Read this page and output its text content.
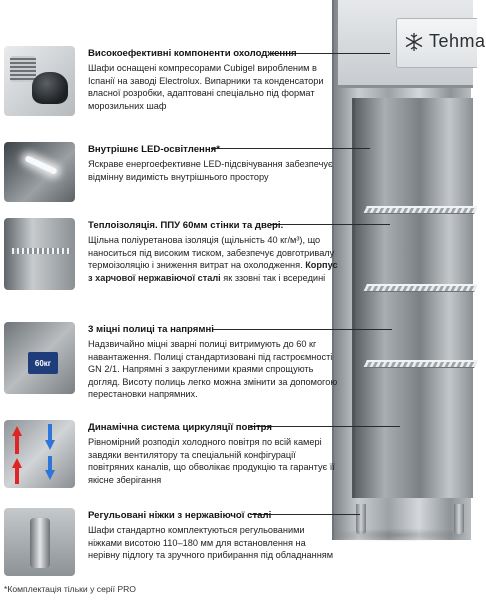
Tehma
Високоефективні компоненти охолодження
Шафи оснащені компресорами Cubigel виробленим в Іспанії на заводі Electrolux. Випарники та конденсатори власної розробки, адаптовані спеціально під формат морозильних шаф
Внутрішнє LED-освітлення*
Яскраве енергоефективне LED-підсвічування забезпечує відмінну видимість внутрішнього простору
Теплоізоляція. ППУ 60мм стінки та двері.
Щільна поліуретанова ізоляція (щільність 40 кг/м³), що наноситься під високим тиском, забезпечує довготривалу термоізоляцію і зниження витрат на охолодження. Корпус з харчової нержавіючої сталі як ззовні так і всередині
60кг
3 міцні полиці та напрямні
Надзвичайно міцні зварні полиці витримують до 60 кг навантаження. Полиці стандартизовані під гастроємності GN 2/1. Напрямні з закругленими краями спрощують догляд. Висоту полиць легко можна змінити за допомогою перестановки напрямних.
Динамічна система циркуляції повітря
Рівномірний розподіл холодного повітря по всій камері завдяки вентилятору та спеціальній конфігурації повітряних каналів, що обволікає продукцію та гарантує її якісне зберігання
Регульовані ніжки з нержавіючої сталі
Шафи стандартно комплектуються регульованими ніжками висотою 110–180 мм для встановлення на нерівну підлогу та зручного прибирання під обладнанням
*Комплектація тільки у серії PRO
